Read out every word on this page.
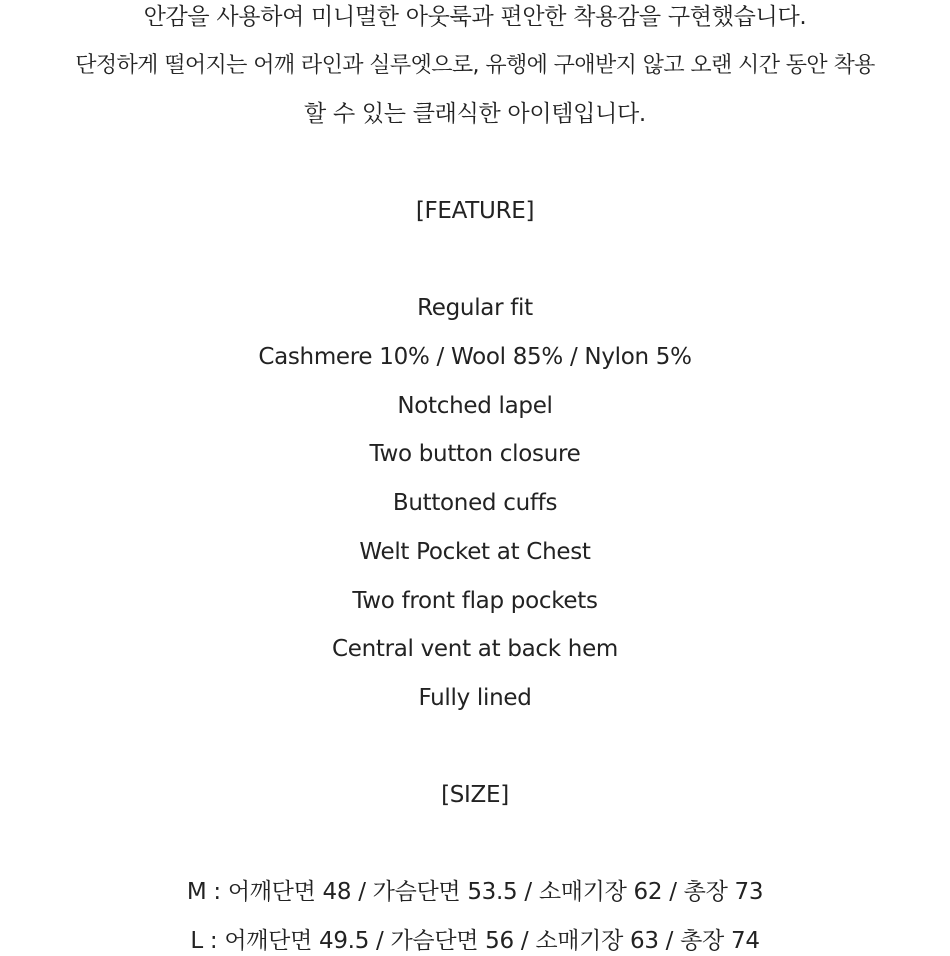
안감을 사용하여 미니멀한 아웃룩과 편안한 착용감을 구현했습니다.
단정하게 떨어지는 어깨 라인과 실루엣으로, 유행에 구애받지 않고 오랜 시간 동안 착용
할 수 있는 클래식한 아이템입니다.
[FEATURE]
Regular fit
Cashmere 10% / Wool 85% / Nylon 5%
Notched lapel
Two button closure
Buttoned cuffs
Welt Pocket at Chest
Two front flap pockets
Central vent at back hem
Fully lined
[SIZE]
M : 어깨단면 48 / 가슴단면 53.5 / 소매기장 62 / 총장 73
L : 어깨단면 49.5 / 가슴단면 56 / 소매기장 63 / 총장 74
